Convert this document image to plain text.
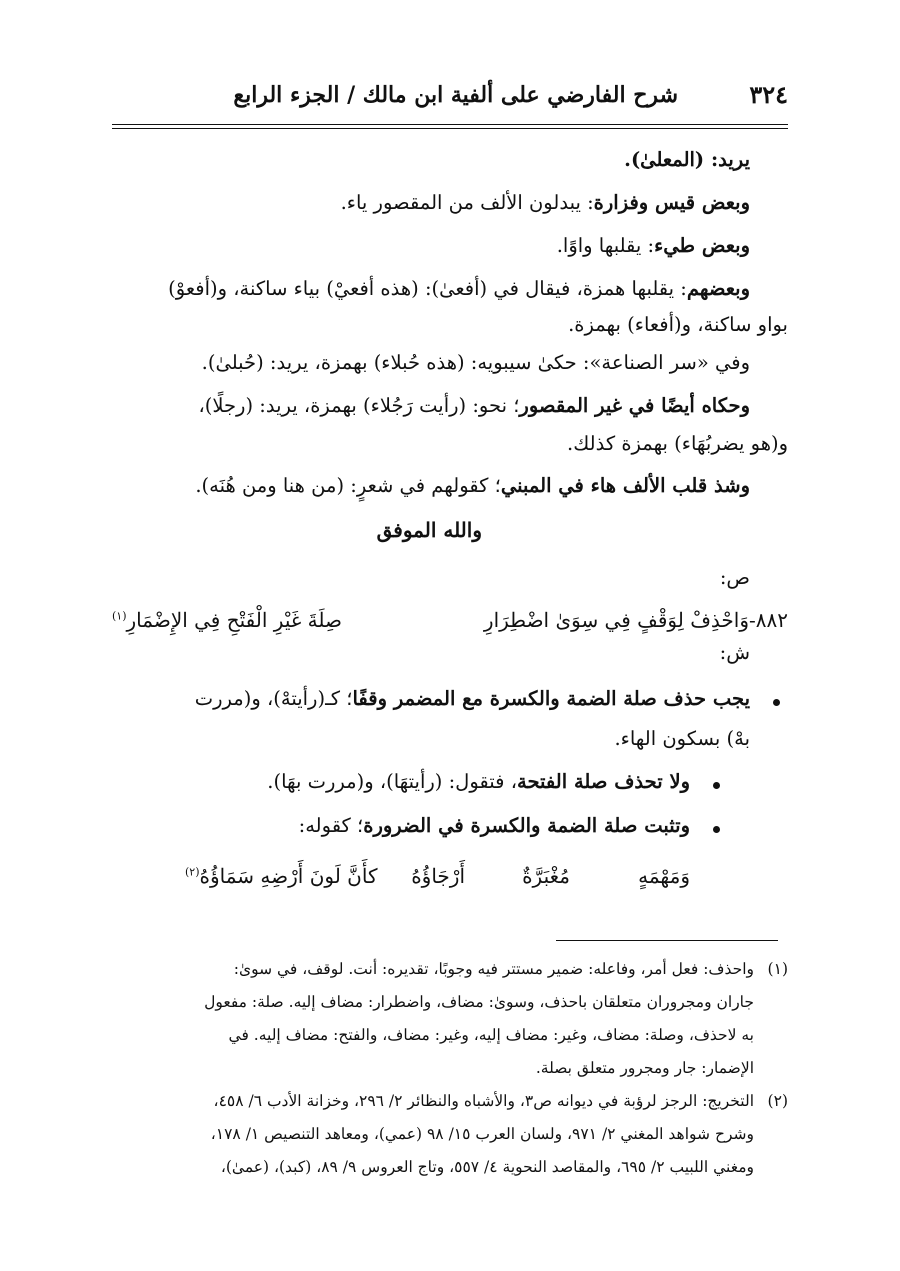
٣٢٤
شرح الفارضي على ألفية ابن مالك / الجزء الرابع
يريد: (المعلىٰ).
وبعض قيس وفزارة: يبدلون الألف من المقصور ياء.
وبعض طيء: يقلبها واوًا.
وبعضهم: يقلبها همزة، فيقال في (أفعىٰ): (هذه أفعيْ) بياء ساكنة، و(أفعوْ)
بواو ساكنة، و(أفعاء) بهمزة.
وفي «سر الصناعة»: حكىٰ سيبويه: (هذه حُبلاء) بهمزة، يريد: (حُبلىٰ).
وحكاه أيضًا في غير المقصور؛ نحو: (رأيت رَجُلاء) بهمزة، يريد: (رجلًا)،
و(هو يضربُهَاء) بهمزة كذلك.
وشذ قلب الألف هاء في المبني؛ كقولهم في شعرٍ: (من هنا ومن هُنَه).
والله الموفق
ص:
٨٨٢-وَاحْذِفْ لِوَقْفٍ فِي سِوَىٰ اضْطِرَارِ
صِلَةَ غَيْرِ الْفَتْحِ فِي الإِضْمَارِ$^{(١)}$
ش:
يجب حذف صلة الضمة والكسرة مع المضمر وقفًا؛ كـ(رأيتهْ)، و(مررت
بهْ) بسكون الهاء.
ولا تحذف صلة الفتحة، فتقول: (رأيتهَا)، و(مررت بهَا).
وتثبت صلة الضمة والكسرة في الضرورة؛ كقوله:
وَمَهْمَهٍ
مُغْبَرَّةٌ
أَرْجَاؤُهُ
كأَنَّ لَونَ أَرْضِهِ سَمَاؤُهُ$^{(٢)}$
(١)
واحذف: فعل أمر، وفاعله: ضمير مستتر فيه وجوبًا، تقديره: أنت. لوقف، في سوىٰ:
جاران ومجروران متعلقان باحذف، وسوىٰ: مضاف، واضطرار: مضاف إليه. صلة: مفعول
به لاحذف، وصلة: مضاف، وغير: مضاف إليه، وغير: مضاف، والفتح: مضاف إليه. في
الإضمار: جار ومجرور متعلق بصلة.
(٢)
التخريج: الرجز لرؤبة في ديوانه ص٣، والأشباه والنظائر ٢/ ٢٩٦، وخزانة الأدب ٦/ ٤٥٨،
وشرح شواهد المغني ٢/ ٩٧١، ولسان العرب ١٥/ ٩٨ (عمي)، ومعاهد التنصيص ١/ ١٧٨،
ومغني اللبيب ٢/ ٦٩٥، والمقاصد النحوية ٤/ ٥٥٧، وتاج العروس ٩/ ٨٩، (كبد)، (عمىٰ)،
